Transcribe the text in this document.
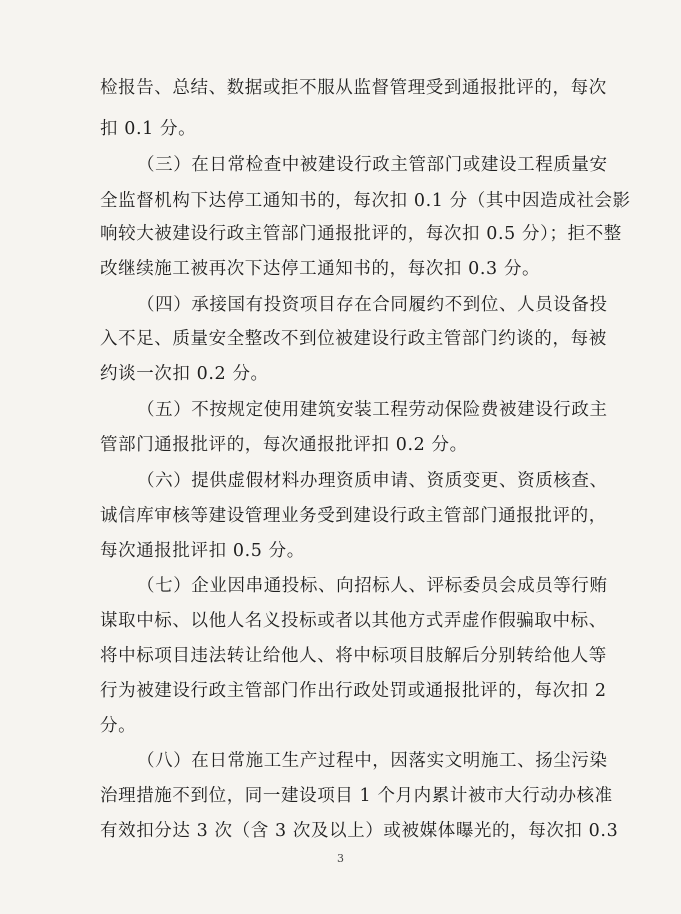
检报告、总结、数据或拒不服从监督管理受到通报批评的，每次
扣 0.1 分。
（三）在日常检查中被建设行政主管部门或建设工程质量安
全监督机构下达停工通知书的，每次扣 0.1 分（其中因造成社会影
响较大被建设行政主管部门通报批评的，每次扣 0.5 分）；拒不整
改继续施工被再次下达停工通知书的，每次扣 0.3 分。
（四）承接国有投资项目存在合同履约不到位、人员设备投
入不足、质量安全整改不到位被建设行政主管部门约谈的，每被
约谈一次扣 0.2 分。
（五）不按规定使用建筑安装工程劳动保险费被建设行政主
管部门通报批评的，每次通报批评扣 0.2 分。
（六）提供虚假材料办理资质申请、资质变更、资质核查、
诚信库审核等建设管理业务受到建设行政主管部门通报批评的，
每次通报批评扣 0.5 分。
（七）企业因串通投标、向招标人、评标委员会成员等行贿
谋取中标、以他人名义投标或者以其他方式弄虚作假骗取中标、
将中标项目违法转让给他人、将中标项目肢解后分别转给他人等
行为被建设行政主管部门作出行政处罚或通报批评的，每次扣 2
分。
（八）在日常施工生产过程中，因落实文明施工、扬尘污染
治理措施不到位，同一建设项目 1 个月内累计被市大行动办核准
有效扣分达 3 次（含 3 次及以上）或被媒体曝光的，每次扣 0.3
3
